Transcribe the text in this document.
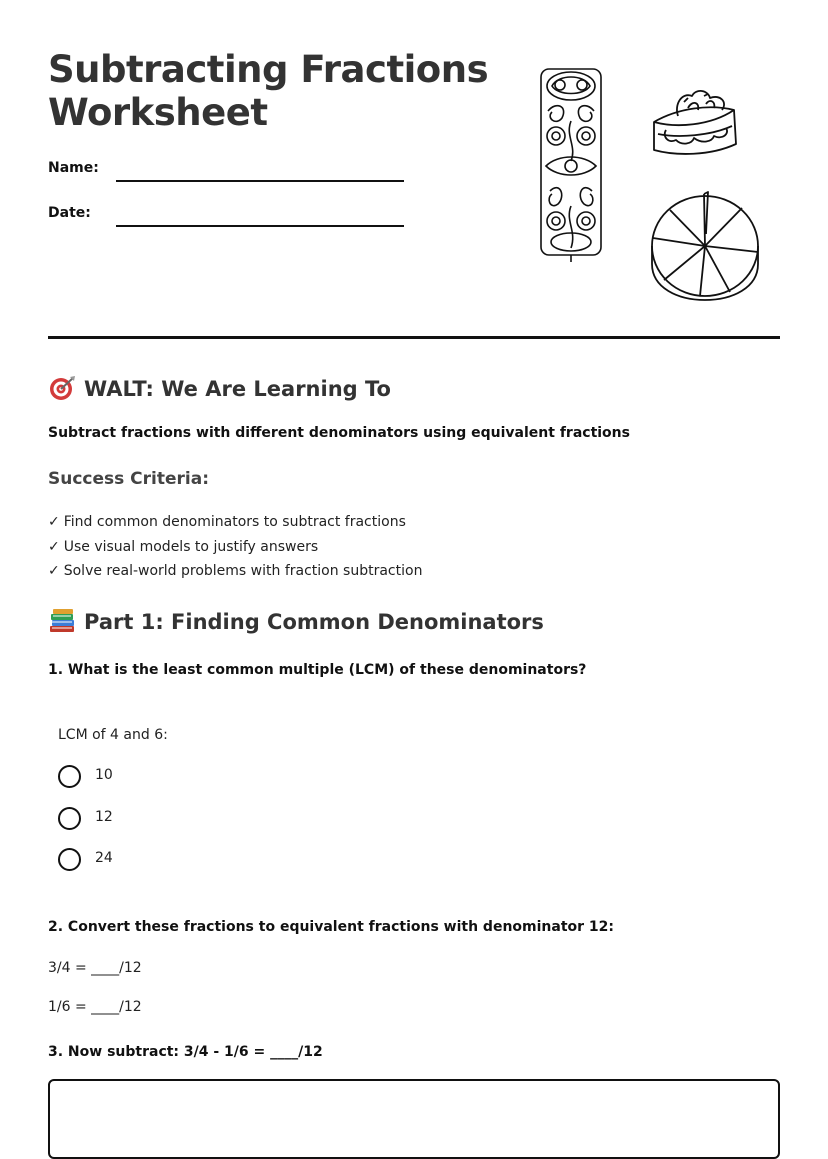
Subtracting Fractions
Worksheet
Name:
Date:
WALT: We Are Learning To
Subtract fractions with different denominators using equivalent fractions
Success Criteria:
✓ Find common denominators to subtract fractions
✓ Use visual models to justify answers
✓ Solve real-world problems with fraction subtraction
Part 1: Finding Common Denominators
1. What is the least common multiple (LCM) of these denominators?
LCM of 4 and 6:
10
12
24
2. Convert these fractions to equivalent fractions with denominator 12:
3/4 = ____/12
1/6 = ____/12
3. Now subtract: 3/4 - 1/6 = ____/12
